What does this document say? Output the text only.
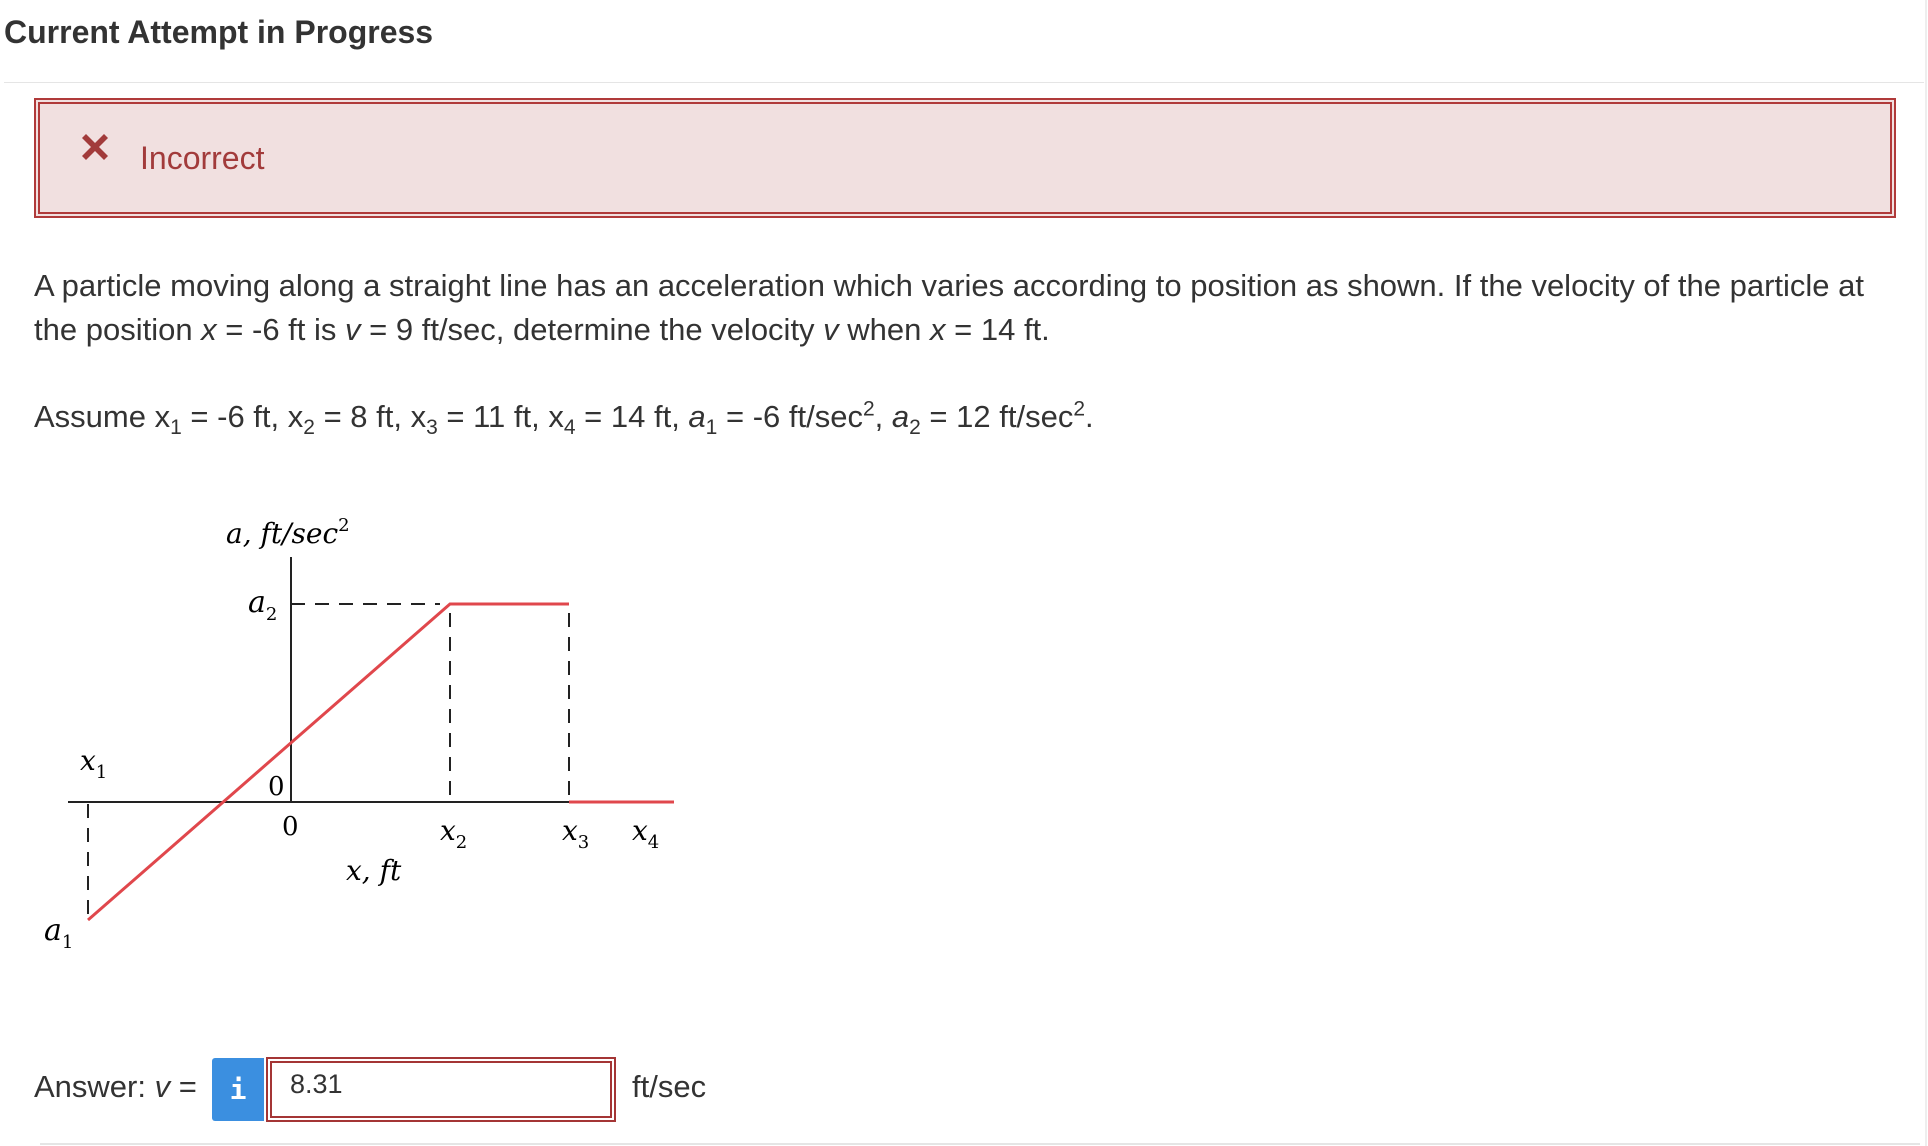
Current Attempt in Progress
Incorrect
A particle moving along a straight line has an acceleration which varies according to position as shown. If the velocity of the particle at the position x = -6 ft is v = 9 ft/sec, determine the velocity v when x = 14 ft.
Assume $x_1 = -6$ ft, $x_2 = 8$ ft, $x_3 = 11$ ft, $x_4 = 14$ ft, $a_1 = -6$ $ft/\sec^2$, $a_2 = 12$ $ft/\sec^2$.
a, $ft/\sec^2$
$a_2$
$a_1$
$x_1$
$x_2$	$x_3$ $x_4$
0
0
x, ft
Answer: v =	i	8.31	ft/sec
